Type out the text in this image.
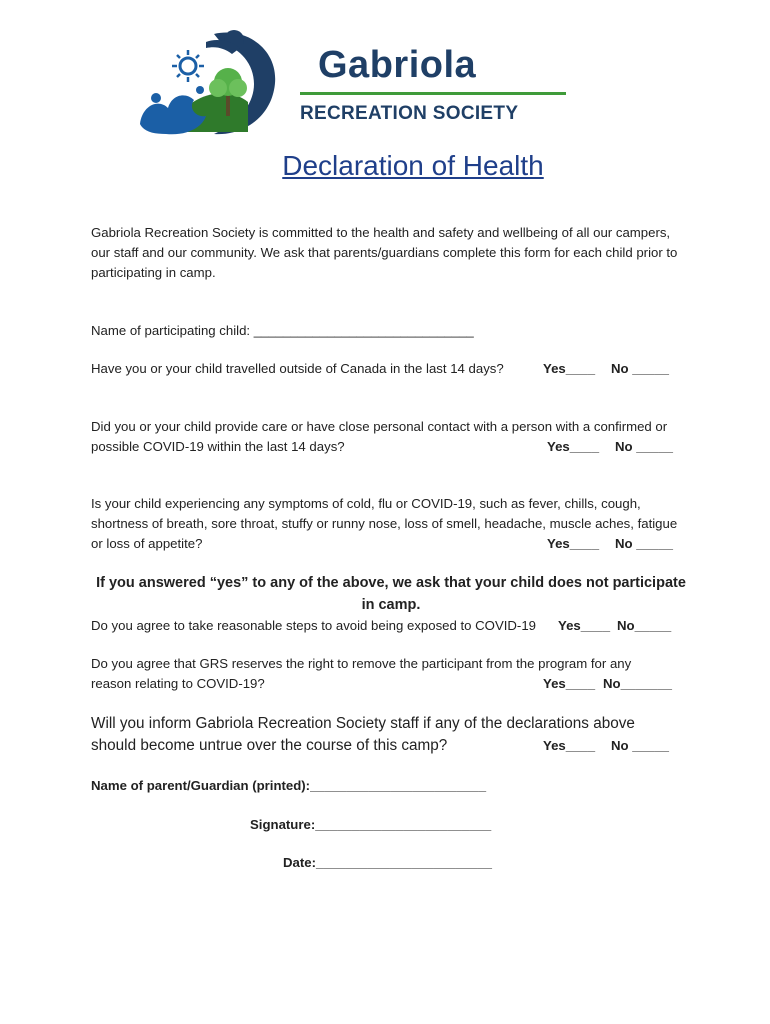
Gabriola
RECREATION SOCIETY
Declaration of Health
Gabriola Recreation Society is committed to the health and safety and wellbeing of all our campers, our staff and our community. We ask that parents/guardians complete this form for each child prior to participating in camp.
Name of participating child: ______________________________
Have you or your child travelled outside of Canada in the last 14 days?	Yes____ No _____
Did you or your child provide care or have close personal contact with a person with a confirmed or possible COVID-19 within the last 14 days?	Yes____ No _____
Is your child experiencing any symptoms of cold, flu or COVID-19, such as fever, chills, cough, shortness of breath, sore throat, stuffy or runny nose, loss of smell, headache, muscle aches, fatigue or loss of appetite?	Yes____ No _____
If you answered “yes” to any of the above, we ask that your child does not participate in camp.
Do you agree to take reasonable steps to avoid being exposed to COVID-19 Yes____ No_____
Do you agree that GRS reserves the right to remove the participant from the program for any reason relating to COVID-19?	Yes____ No_______
Will you inform Gabriola Recreation Society staff if any of the declarations above should become untrue over the course of this camp?	Yes____ No _____
Name of parent/Guardian (printed):________________________
Signature:________________________
Date:________________________
